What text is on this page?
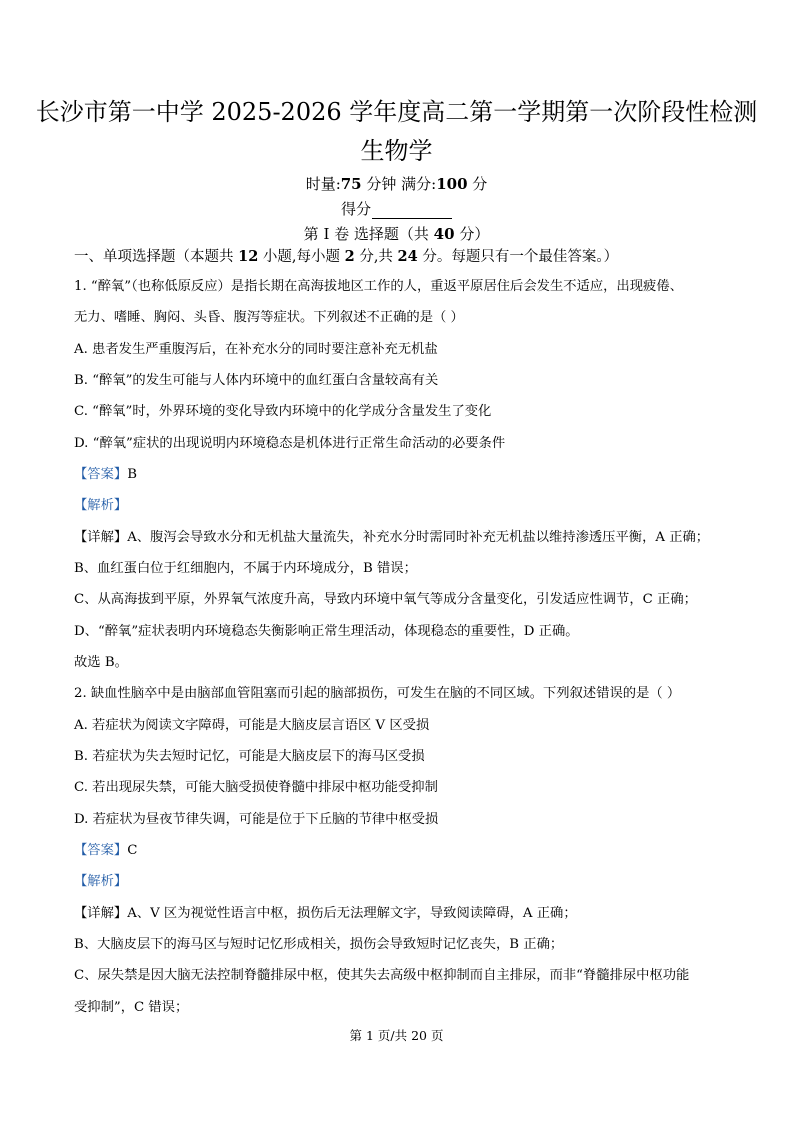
长沙市第一中学 2025-2026 学年度高二第一学期第一次阶段性检测
生物学
时量:75 分钟 满分:100 分
得分
第 Ⅰ 卷 选择题（共 40 分）
一、单项选择题（本题共 12 小题,每小题 2 分,共 24 分。每题只有一个最佳答案。）
1. “醉氧”（也称低原反应）是指长期在高海拔地区工作的人，重返平原居住后会发生不适应，出现疲倦、
无力、嗜睡、胸闷、头昏、腹泻等症状。下列叙述不正确的是（ ）
A. 患者发生严重腹泻后，在补充水分的同时要注意补充无机盐
B. “醉氧”的发生可能与人体内环境中的血红蛋白含量较高有关
C. “醉氧”时，外界环境的变化导致内环境中的化学成分含量发生了变化
D. “醉氧”症状的出现说明内环境稳态是机体进行正常生命活动的必要条件
【答案】B
【解析】
【详解】A、腹泻会导致水分和无机盐大量流失，补充水分时需同时补充无机盐以维持渗透压平衡，A 正确；
B、血红蛋白位于红细胞内，不属于内环境成分，B 错误；
C、从高海拔到平原，外界氧气浓度升高，导致内环境中氧气等成分含量变化，引发适应性调节，C 正确；
D、“醉氧”症状表明内环境稳态失衡影响正常生理活动，体现稳态的重要性，D 正确。
故选 B。
2. 缺血性脑卒中是由脑部血管阻塞而引起的脑部损伤，可发生在脑的不同区域。下列叙述错误的是（ ）
A. 若症状为阅读文字障碍，可能是大脑皮层言语区 V 区受损
B. 若症状为失去短时记忆，可能是大脑皮层下的海马区受损
C. 若出现尿失禁，可能大脑受损使脊髓中排尿中枢功能受抑制
D. 若症状为昼夜节律失调，可能是位于下丘脑的节律中枢受损
【答案】C
【解析】
【详解】A、V 区为视觉性语言中枢，损伤后无法理解文字，导致阅读障碍，A 正确；
B、大脑皮层下的海马区与短时记忆形成相关，损伤会导致短时记忆丧失，B 正确；
C、尿失禁是因大脑无法控制脊髓排尿中枢，使其失去高级中枢抑制而自主排尿，而非“脊髓排尿中枢功能
受抑制”，C 错误；
第 1 页/共 20 页
